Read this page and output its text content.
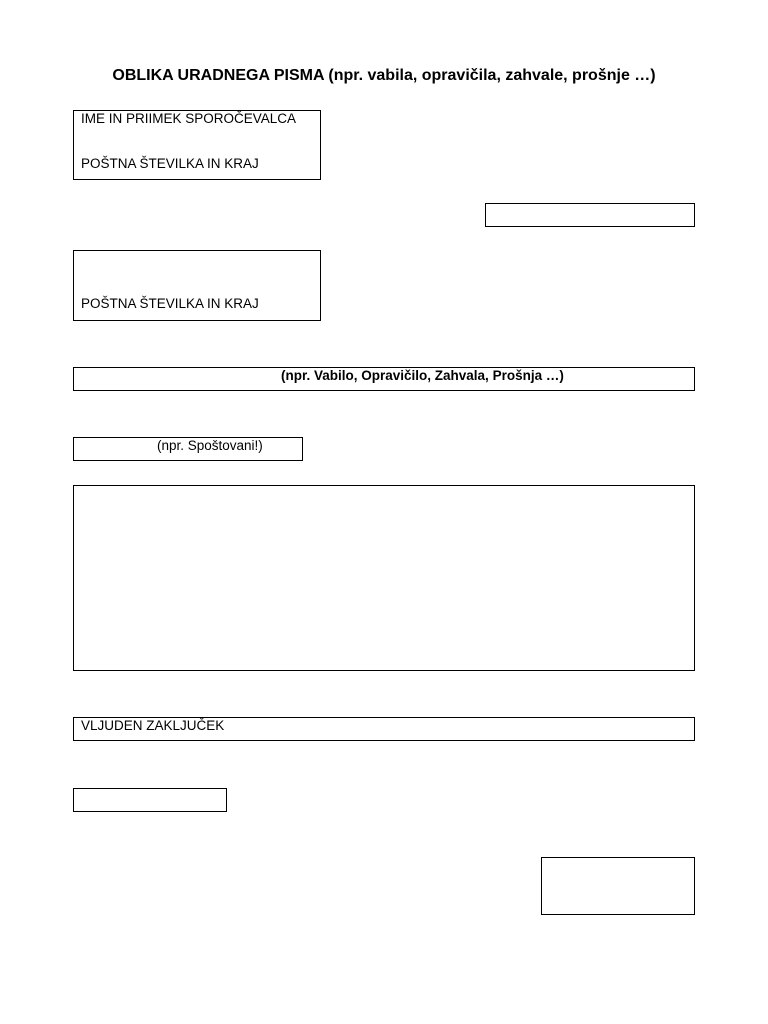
OBLIKA URADNEGA PISMA (npr. vabila, opravičila, zahvale, prošnje …)
IME IN PRIIMEK SPOROČEVALCA
POŠTNA ŠTEVILKA IN KRAJ
POŠTNA ŠTEVILKA IN KRAJ
(npr. Vabilo, Opravičilo, Zahvala, Prošnja …)
(npr. Spoštovani!)
VLJUDEN ZAKLJUČEK
